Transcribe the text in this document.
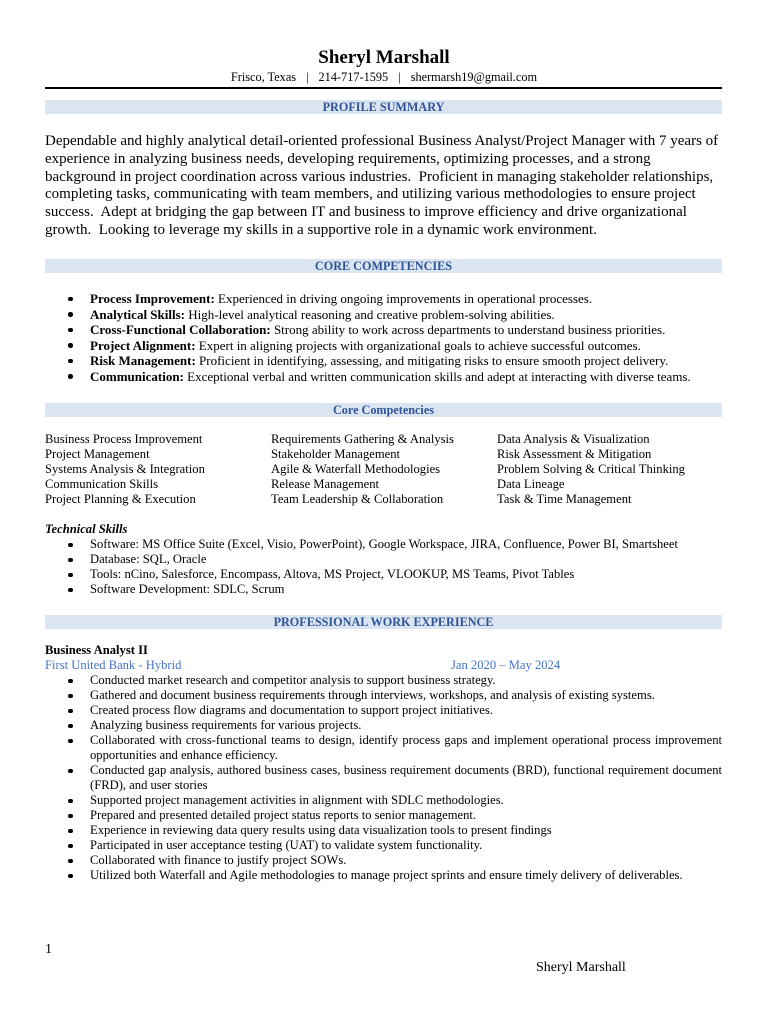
Sheryl Marshall
Frisco, Texas | 214-717-1595 | shermarsh19@gmail.com
PROFILE SUMMARY

Dependable and highly analytical detail-oriented professional Business Analyst/Project Manager with 7 years of experience in analyzing business needs, developing requirements, optimizing processes, and a strong background in project coordination across various industries.  Proficient in managing stakeholder relationships, completing tasks, communicating with team members, and utilizing various methodologies to ensure project success.  Adept at bridging the gap between IT and business to improve efficiency and drive organizational growth.  Looking to leverage my skills in a supportive role in a dynamic work environment.

CORE COMPETENCIES
Process Improvement: Experienced in driving ongoing improvements in operational processes.
Analytical Skills: High-level analytical reasoning and creative problem-solving abilities.
Cross-Functional Collaboration: Strong ability to work across departments to understand business priorities.
Project Alignment: Expert in aligning projects with organizational goals to achieve successful outcomes.
Risk Management: Proficient in identifying, assessing, and mitigating risks to ensure smooth project delivery.
Communication: Exceptional verbal and written communication skills and adept at interacting with diverse teams.
Core Competencies
Business Process Improvement
Project Management
Systems Analysis & Integration
Communication Skills
Project Planning & Execution
Requirements Gathering & Analysis
Stakeholder Management
Agile & Waterfall Methodologies
Release Management
Team Leadership & Collaboration
Data Analysis & Visualization
Risk Assessment & Mitigation
Problem Solving & Critical Thinking
Data Lineage
Task & Time Management
Technical Skills
Software: MS Office Suite (Excel, Visio, PowerPoint), Google Workspace, JIRA, Confluence, Power BI, Smartsheet
Database: SQL, Oracle
Tools: nCino, Salesforce, Encompass, Altova, MS Project, VLOOKUP, MS Teams, Pivot Tables
Software Development: SDLC, Scrum
PROFESSIONAL WORK EXPERIENCE
Business Analyst II
First United Bank - Hybrid	Jan 2020 – May 2024
Conducted market research and competitor analysis to support business strategy.
Gathered and document business requirements through interviews, workshops, and analysis of existing systems.
Created process flow diagrams and documentation to support project initiatives.
Analyzing business requirements for various projects.
Collaborated with cross-functional teams to design, identify process gaps and implement operational process improvement opportunities and enhance efficiency.
Conducted gap analysis, authored business cases, business requirement documents (BRD), functional requirement document (FRD), and user stories
Supported project management activities in alignment with SDLC methodologies.
Prepared and presented detailed project status reports to senior management.
Experience in reviewing data query results using data visualization tools to present findings
Participated in user acceptance testing (UAT) to validate system functionality.
Collaborated with finance to justify project SOWs.
Utilized both Waterfall and Agile methodologies to manage project sprints and ensure timely delivery of deliverables.
1
Sheryl Marshall
